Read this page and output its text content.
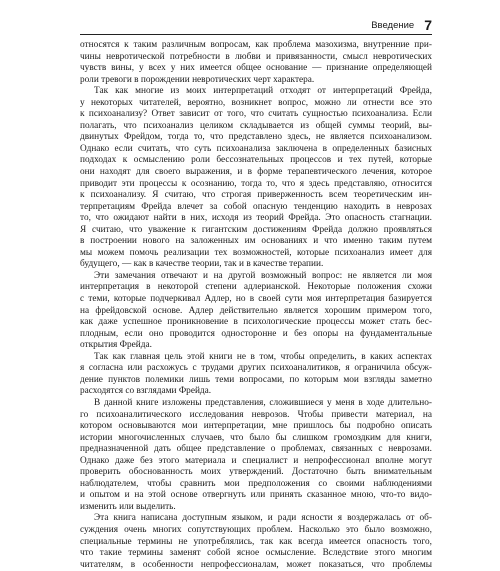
Введение 7
относятся к таким различным вопросам, как проблема мазохизма, внутренние при-
чины невротической потребности в любви и привязанности, смысл невротических
чувств вины, у всех у них имеется общее основание — признание определяющей
роли тревоги в порождении невротических черт характера.
Так как многие из моих интерпретаций отходят от интерпретаций Фрейда,
у некоторых читателей, вероятно, возникнет вопрос, можно ли отнести все это
к психоанализу? Ответ зависит от того, что считать сущностью психоанализа. Если
полагать, что психоанализ целиком складывается из общей суммы теорий, вы-
двинутых Фрейдом, тогда то, что представлено здесь, не является психоанализом.
Однако если считать, что суть психоанализа заключена в определенных базисных
подходах к осмыслению роли бессознательных процессов и тех путей, которые
они находят для своего выражения, и в форме терапевтического лечения, которое
приводит эти процессы к осознанию, тогда то, что я здесь представляю, относится
к психоанализу. Я считаю, что строгая приверженность всем теоретическим ин-
терпретациям Фрейда влечет за собой опасную тенденцию находить в неврозах
то, что ожидают найти в них, исходя из теорий Фрейда. Это опасность стагнации.
Я считаю, что уважение к гигантским достижениям Фрейда должно проявляться
в построении нового на заложенных им основаниях и что именно таким путем
мы можем помочь реализации тех возможностей, которые психоанализ имеет для
будущего, — как в качестве теории, так и в качестве терапии.
Эти замечания отвечают и на другой возможный вопрос: не является ли моя
интерпретация в некоторой степени адлерианской. Некоторые положения схожи
с теми, которые подчеркивал Адлер, но в своей сути моя интерпретация базируется
на фрейдовской основе. Адлер действительно является хорошим примером того,
как даже успешное проникновение в психологические процессы может стать бес-
плодным, если оно проводится односторонне и без опоры на фундаментальные
открытия Фрейда.
Так как главная цель этой книги не в том, чтобы определить, в каких аспектах
я согласна или расхожусь с трудами других психоаналитиков, я ограничила обсуж-
дение пунктов полемики лишь теми вопросами, по которым мои взгляды заметно
расходятся со взглядами Фрейда.
В данной книге изложены представления, сложившиеся у меня в ходе длительно-
го психоаналитического исследования неврозов. Чтобы привести материал, на
котором основываются мои интерпретации, мне пришлось бы подробно описать
истории многочисленных случаев, что было бы слишком громоздким для книги,
предназначенной дать общее представление о проблемах, связанных с неврозами.
Однако даже без этого материала и специалист и непрофессионал вполне могут
проверить обоснованность моих утверждений. Достаточно быть внимательным
наблюдателем, чтобы сравнить мои предположения со своими наблюдениями
и опытом и на этой основе отвергнуть или принять сказанное мною, что-то видо-
изменить или выделить.
Эта книга написана доступным языком, и ради ясности я воздержалась от об-
суждения очень многих сопутствующих проблем. Насколько это было возможно,
специальные термины не употреблялись, так как всегда имеется опасность того,
что такие термины заменят собой ясное осмысление. Вследствие этого многим
читателям, в особенности непрофессионалам, может показаться, что проблемы
